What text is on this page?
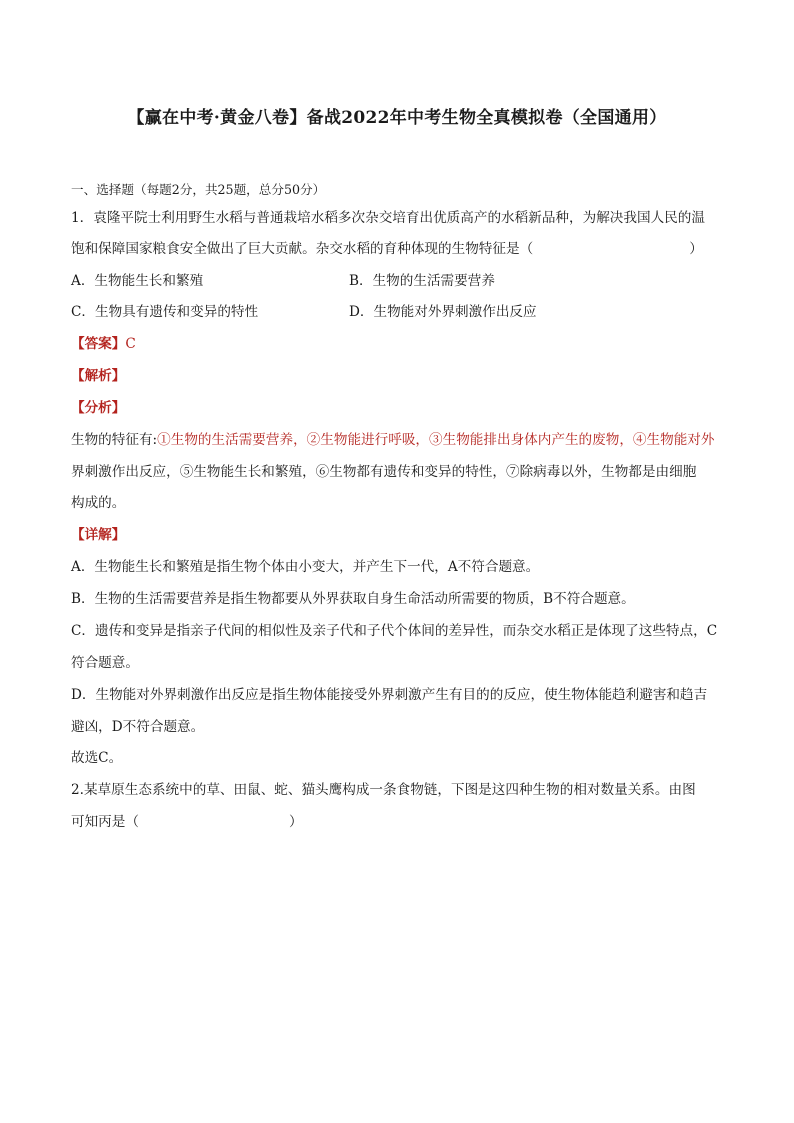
【赢在中考·黄金八卷】备战2022年中考生物全真模拟卷（全国通用）
一、选择题（每题2分，共25题，总分50分）
1．袁隆平院士利用野生水稻与普通栽培水稻多次杂交培育出优质高产的水稻新品种，为解决我国人民的温
饱和保障国家粮食安全做出了巨大贡献。杂交水稻的育种体现的生物特征是（	）
A．生物能生长和繁殖	B．生物的生活需要营养
C．生物具有遗传和变异的特性	D．生物能对外界刺激作出反应
【答案】C
【解析】
【分析】
生物的特征有:①生物的生活需要营养，②生物能进行呼吸，③生物能排出身体内产生的废物，④生物能对外
界刺激作出反应，⑤生物能生长和繁殖，⑥生物都有遗传和变异的特性，⑦除病毒以外，生物都是由细胞
构成的。
【详解】
A．生物能生长和繁殖是指生物个体由小变大，并产生下一代，A不符合题意。
B．生物的生活需要营养是指生物都要从外界获取自身生命活动所需要的物质，B不符合题意。
C．遗传和变异是指亲子代间的相似性及亲子代和子代个体间的差异性，而杂交水稻正是体现了这些特点，C
符合题意。
D．生物能对外界刺激作出反应是指生物体能接受外界刺激产生有目的的反应，使生物体能趋利避害和趋吉
避凶，D不符合题意。
故选C。
2.某草原生态系统中的草、田鼠、蛇、猫头鹰构成一条食物链，下图是这四种生物的相对数量关系。由图
可知丙是（	）
